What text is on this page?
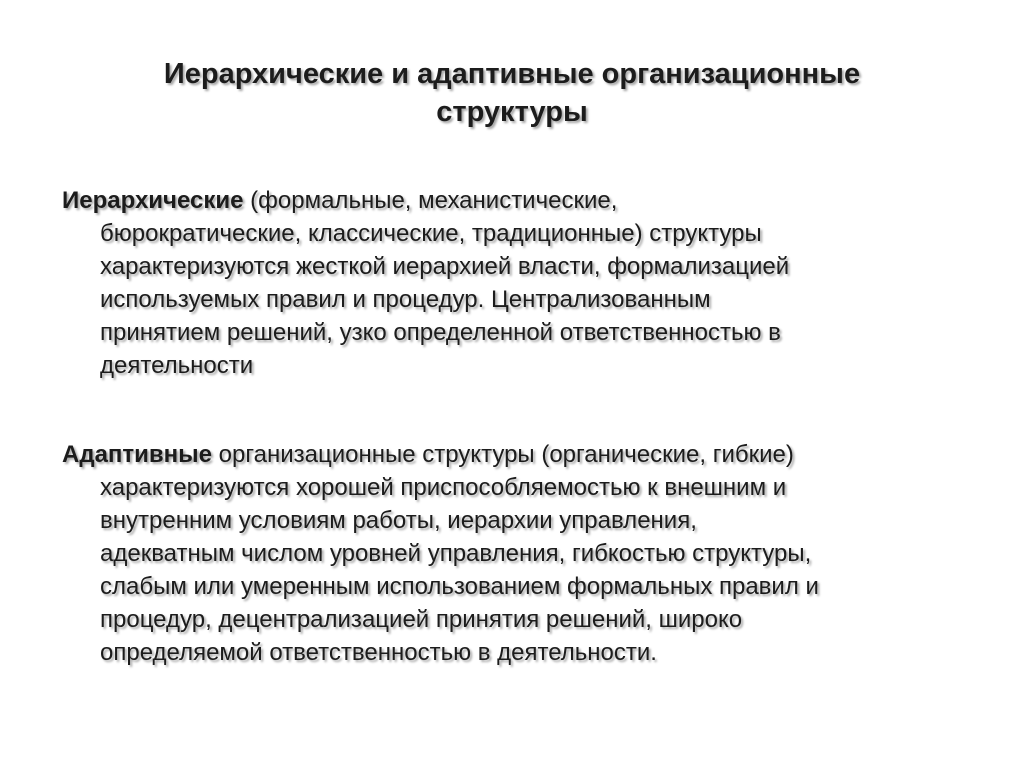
Иерархические и адаптивные организационные
структуры
Иерархические (формальные, механистические,
бюрократические, классические, традиционные) структуры
характеризуются жесткой иерархией власти, формализацией
используемых правил и процедур. Централизованным
принятием решений, узко определенной ответственностью в
деятельности
Адаптивные организационные структуры (органические, гибкие)
характеризуются хорошей приспособляемостью к внешним и
внутренним условиям работы, иерархии управления,
адекватным числом уровней управления, гибкостью структуры,
слабым или умеренным использованием формальных правил и
процедур, децентрализацией принятия решений, широко
определяемой ответственностью в деятельности.
